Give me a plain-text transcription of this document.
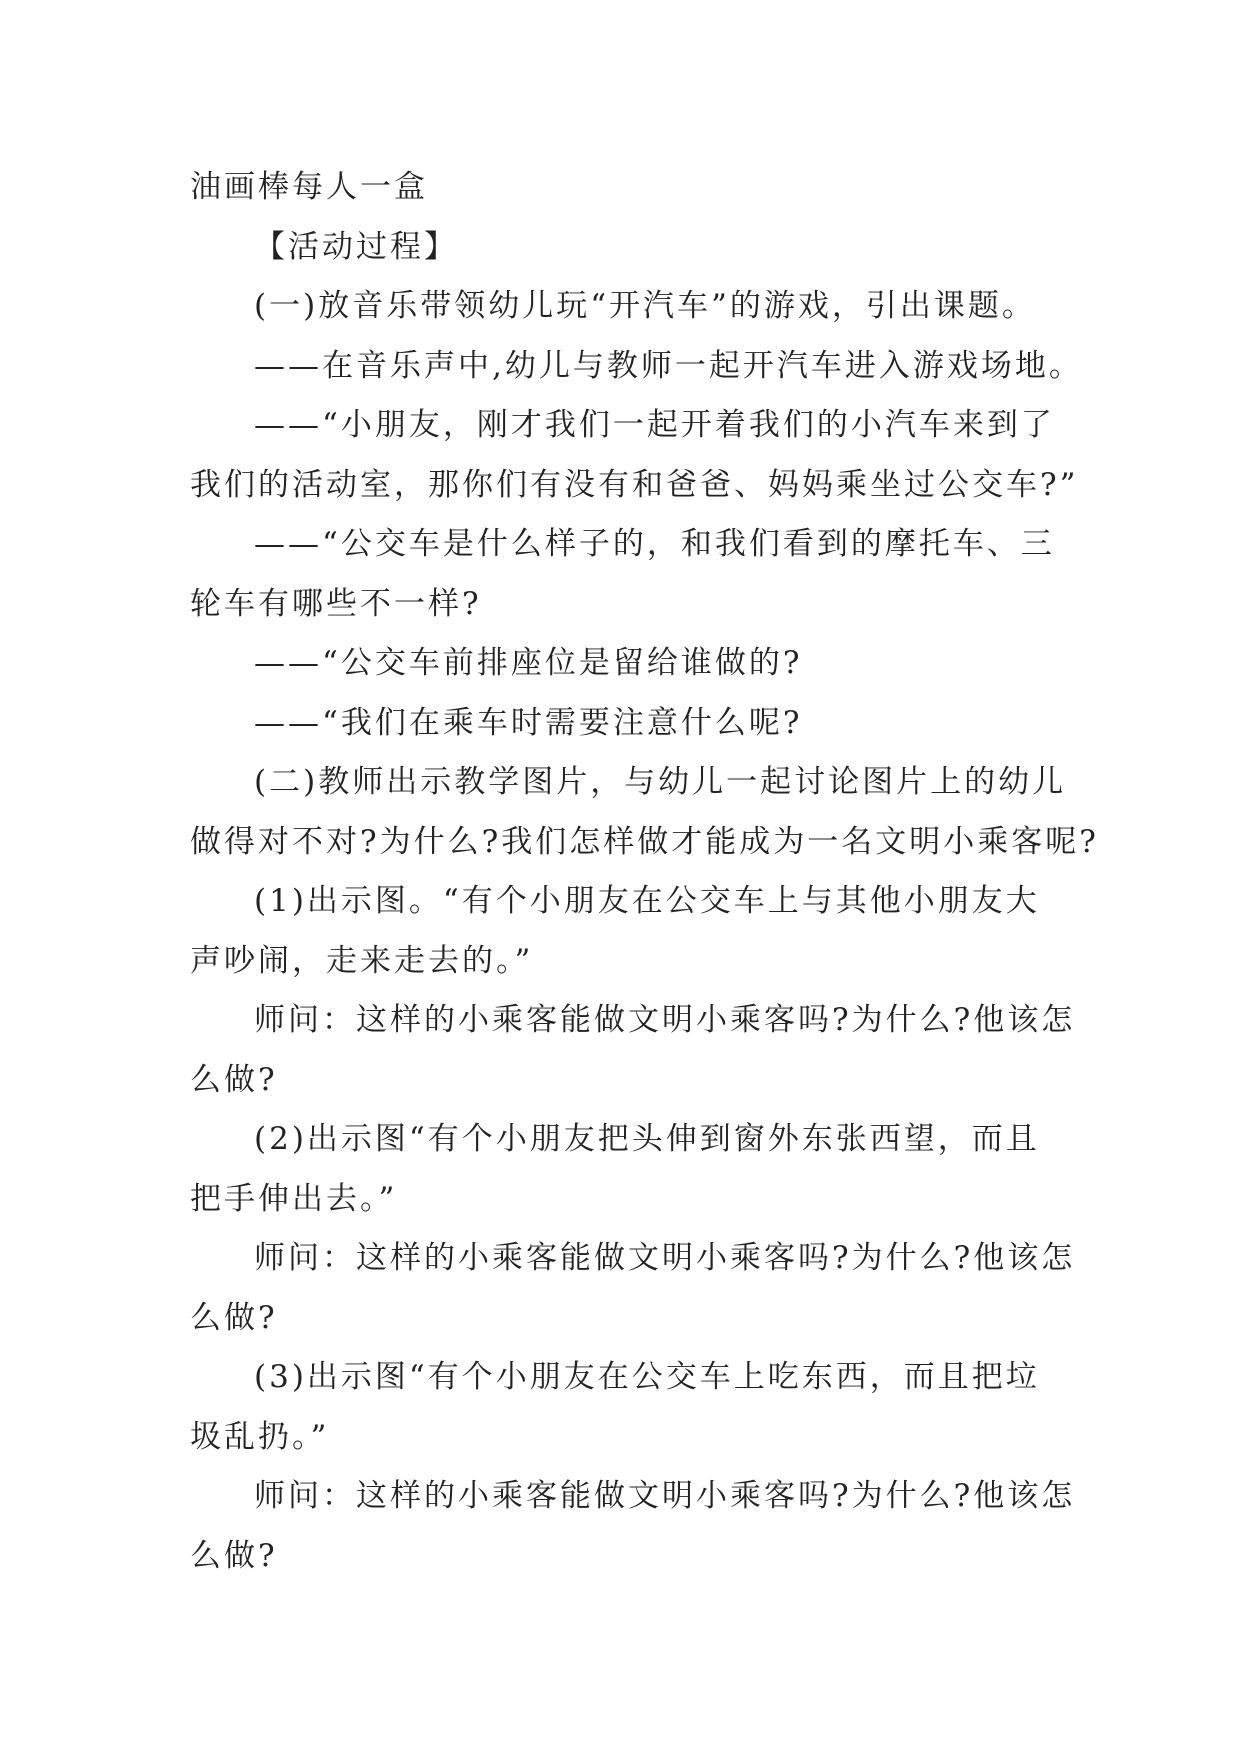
油画棒每人一盒

【活动过程】

(一)放音乐带领幼儿玩“开汽车”的游戏，引出课题。

——在音乐声中,幼儿与教师一起开汽车进入游戏场地。

——“小朋友，刚才我们一起开着我们的小汽车来到了

我们的活动室，那你们有没有和爸爸、妈妈乘坐过公交车?”

——“公交车是什么样子的，和我们看到的摩托车、三

轮车有哪些不一样?

——“公交车前排座位是留给谁做的?

——“我们在乘车时需要注意什么呢?

(二)教师出示教学图片，与幼儿一起讨论图片上的幼儿

做得对不对?为什么?我们怎样做才能成为一名文明小乘客呢?

(1)出示图。“有个小朋友在公交车上与其他小朋友大

声吵闹，走来走去的。”

师问：这样的小乘客能做文明小乘客吗?为什么?他该怎

么做?

(2)出示图“有个小朋友把头伸到窗外东张西望，而且

把手伸出去。”

师问：这样的小乘客能做文明小乘客吗?为什么?他该怎

么做?

(3)出示图“有个小朋友在公交车上吃东西，而且把垃

圾乱扔。”

师问：这样的小乘客能做文明小乘客吗?为什么?他该怎

么做?
